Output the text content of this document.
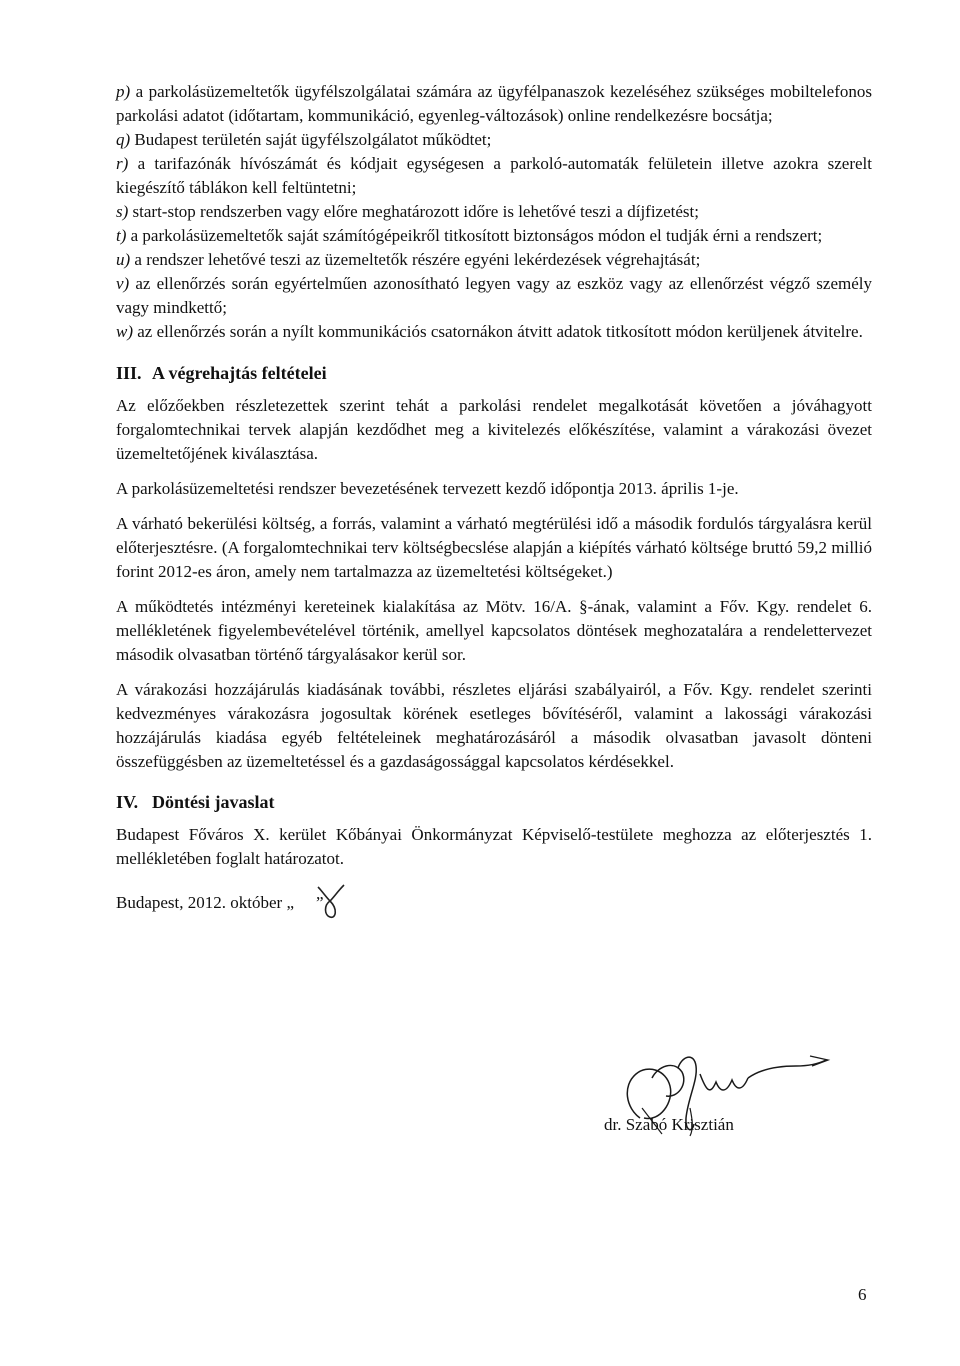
p) a parkolásüzemeltetők ügyfélszolgálatai számára az ügyfélpanaszok kezeléséhez szükséges mobiltelefonos parkolási adatot (időtartam, kommunikáció, egyenleg-változások) online rendelkezésre bocsátja;

q) Budapest területén saját ügyfélszolgálatot működtet;

r) a tarifazónák hívószámát és kódjait egységesen a parkoló-automaták felületein illetve azokra szerelt kiegészítő táblákon kell feltüntetni;

s) start-stop rendszerben vagy előre meghatározott időre is lehetővé teszi a díjfizetést;

t) a parkolásüzemeltetők saját számítógépeikről titkosított biztonságos módon el tudják érni a rendszert;

u) a rendszer lehetővé teszi az üzemeltetők részére egyéni lekérdezések végrehajtását;

v) az ellenőrzés során egyértelműen azonosítható legyen vagy az eszköz vagy az ellenőrzést végző személy vagy mindkettő;

w) az ellenőrzés során a nyílt kommunikációs csatornákon átvitt adatok titkosított módon kerüljenek átvitelre.

III. A végrehajtás feltételei

Az előzőekben részletezettek szerint tehát a parkolási rendelet megalkotását követően a jóváhagyott forgalomtechnikai tervek alapján kezdődhet meg a kivitelezés előkészítése, valamint a várakozási övezet üzemeltetőjének kiválasztása.

A parkolásüzemeltetési rendszer bevezetésének tervezett kezdő időpontja 2013. április 1-je.

A várható bekerülési költség, a forrás, valamint a várható megtérülési idő a második fordulós tárgyalásra kerül előterjesztésre. (A forgalomtechnikai terv költségbecslése alapján a kiépítés várható költsége bruttó 59,2 millió forint 2012-es áron, amely nem tartalmazza az üzemeltetési költségeket.)

A működtetés intézményi kereteinek kialakítása az Mötv. 16/A. §-ának, valamint a Főv. Kgy. rendelet 6. mellékletének figyelembevételével történik, amellyel kapcsolatos döntések meghozatalára a rendelettervezet második olvasatban történő tárgyalásakor kerül sor.

A várakozási hozzájárulás kiadásának további, részletes eljárási szabályairól, a Főv. Kgy. rendelet szerinti kedvezményes várakozásra jogosultak körének esetleges bővítéséről, valamint a lakossági várakozási hozzájárulás kiadása egyéb feltételeinek meghatározásáról a második olvasatban javasolt dönteni összefüggésben az üzemeltetéssel és a gazdaságossággal kapcsolatos kérdésekkel.

IV. Döntési javaslat

Budapest Főváros X. kerület Kőbányai Önkormányzat Képviselő-testülete meghozza az előterjesztés 1. mellékletében foglalt határozatot.

Budapest, 2012. október „ ”

dr. Szabó Krisztián
6
